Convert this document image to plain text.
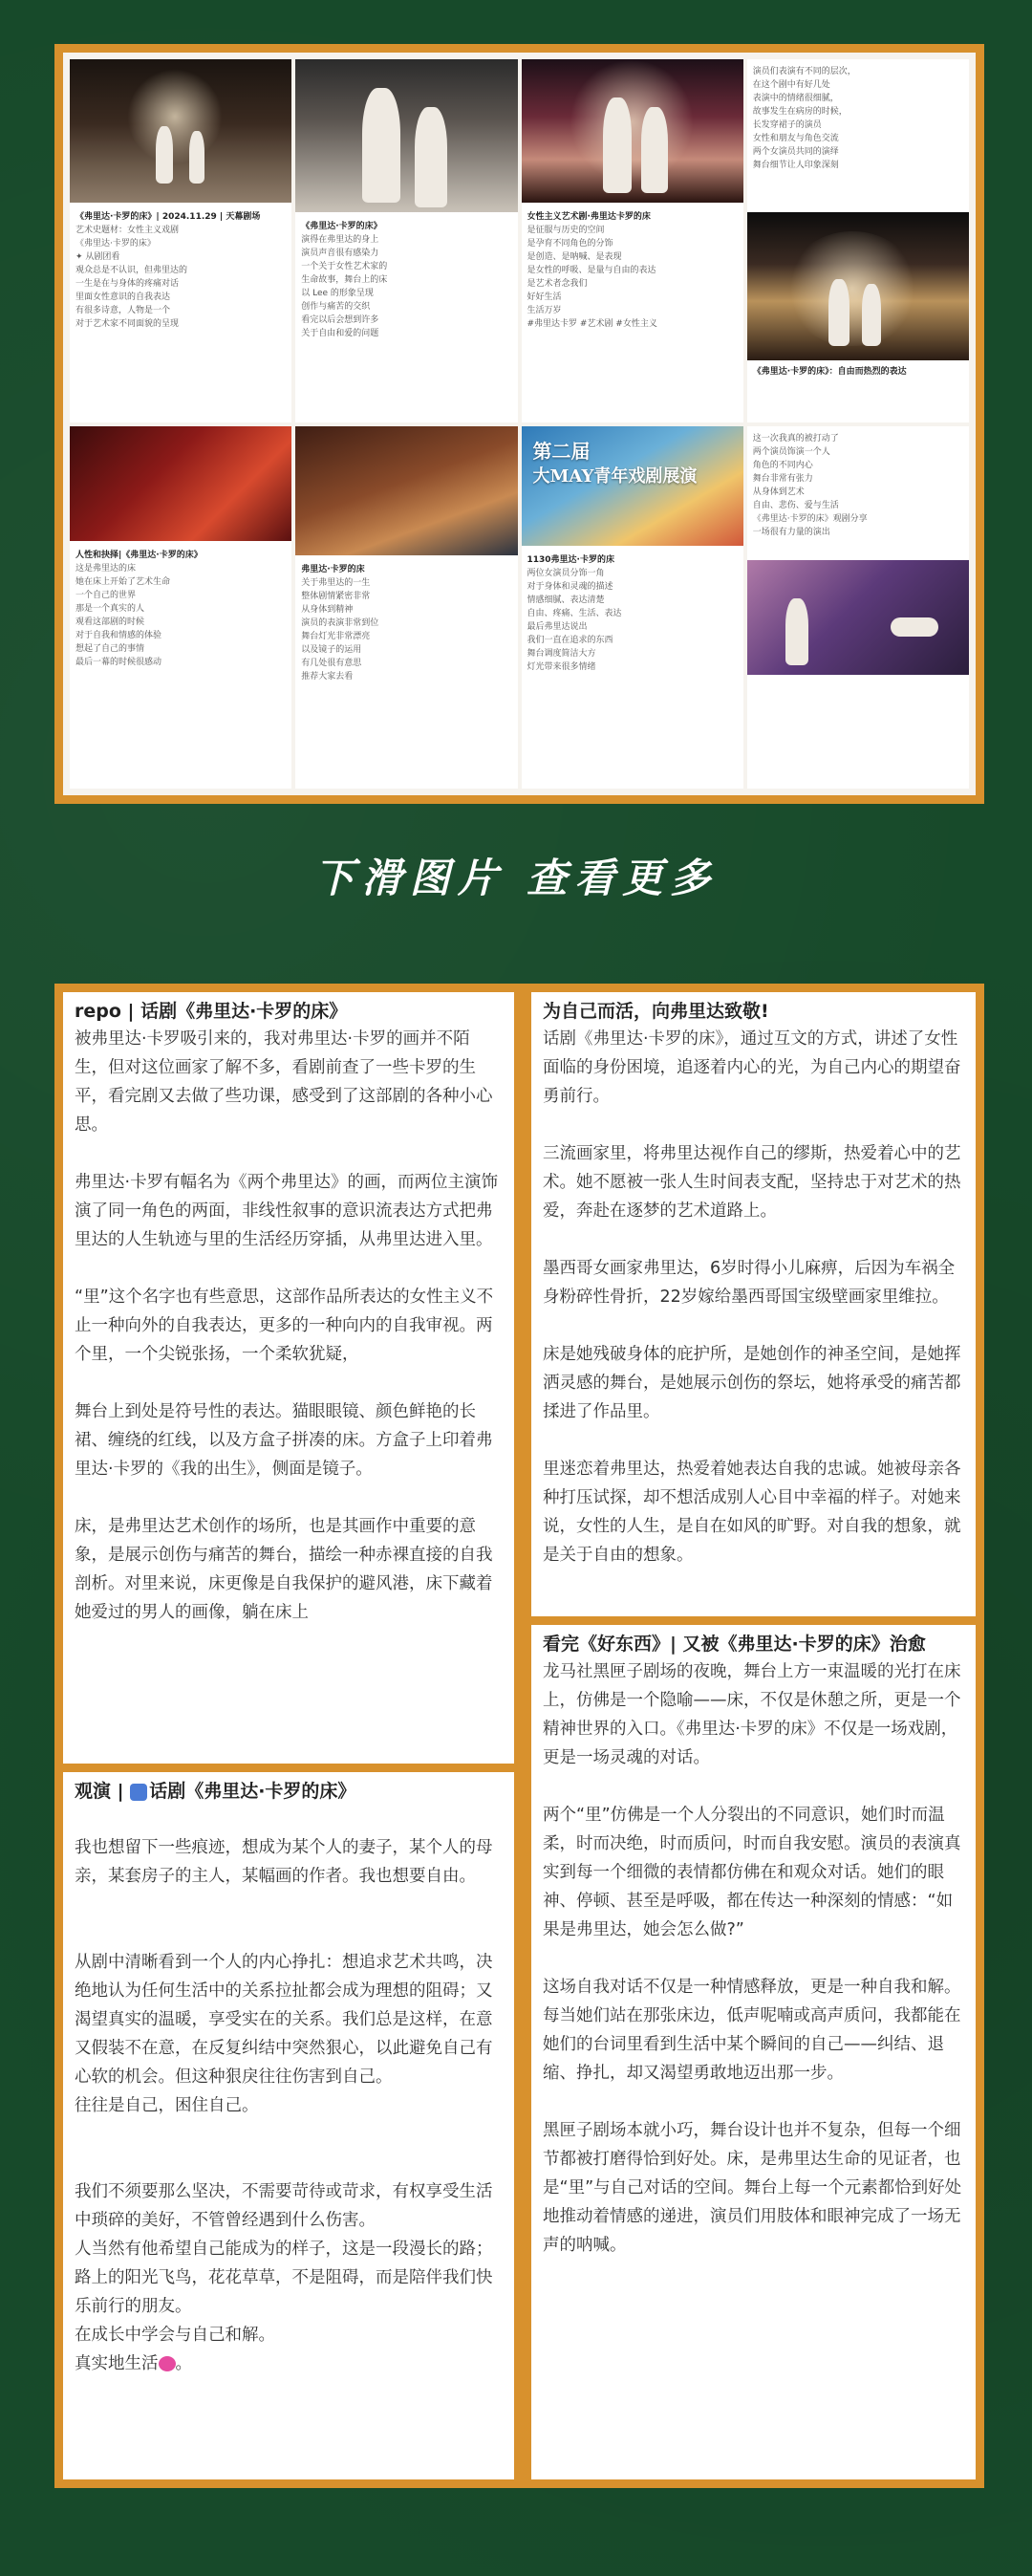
《弗里达·卡罗的床》| 2024.11.29 | 天幕剧场

艺术史题材：女性主义戏剧

《弗里达·卡罗的床》

✦ 从剧团看

观众总是不认识，但弗里达的

一生是在与身体的疼痛对话

里面女性意识的自我表达

有很多诗意，人物是一个

对于艺术家不同面貌的呈现

《弗里达·卡罗的床》

演得在弗里达的身上

演员声音很有感染力

一个关于女性艺术家的

生命故事，舞台上的床

以 Lee 的形象呈现

创作与痛苦的交织

看完以后会想到许多

关于自由和爱的问题

女性主义艺术剧·弗里达卡罗的床

是征服与历史的空间

是孕育不同角色的分饰

是创造、是呐喊、是表现

是女性的呼吸、是量与自由的表达

是艺术者念我们

好好生活

生活万岁

#弗里达卡罗 #艺术剧 #女性主义

演员们表演有不同的层次，

在这个剧中有好几处

表演中的情绪很细腻，

故事发生在病房的时候，

长发穿裙子的演员

女性和朋友与角色交流

两个女演员共同的演绎

舞台细节让人印象深刻

《弗里达·卡罗的床》：自由而热烈的表达

人性和抉择|《弗里达·卡罗的床》

这是弗里达的床

她在床上开始了艺术生命

一个自己的世界

那是一个真实的人

观看这部剧的时候

对于自我和情感的体验

想起了自己的事情

最后一幕的时候很感动

弗里达·卡罗的床

关于弗里达的一生

整体剧情紧密非常

从身体到精神

演员的表演非常到位

舞台灯光非常漂亮

以及镜子的运用

有几处很有意思

推荐大家去看

第二届
大MAY青年戏剧展演

1130弗里达·卡罗的床

两位女演员分饰一角

对于身体和灵魂的描述

情感细腻、表达清楚

自由、疼痛、生活、表达

最后弗里达说出

我们一直在追求的东西

舞台调度简洁大方

灯光带来很多情绪

这一次我真的被打动了

两个演员饰演一个人

角色的不同内心

舞台非常有张力

从身体到艺术

自由、悲伤、爱与生活

《弗里达·卡罗的床》观剧分享

一场很有力量的演出

下滑图片 查看更多
repo | 话剧《弗里达·卡罗的床》

被弗里达·卡罗吸引来的，我对弗里达·卡罗的画并不陌生，但对这位画家了解不多，看剧前查了一些卡罗的生平，看完剧又去做了些功课，感受到了这部剧的各种小心思。

弗里达·卡罗有幅名为《两个弗里达》的画，而两位主演饰演了同一角色的两面，非线性叙事的意识流表达方式把弗里达的人生轨迹与里的生活经历穿插，从弗里达进入里。

“里”这个名字也有些意思，这部作品所表达的女性主义不止一种向外的自我表达，更多的一种向内的自我审视。两个里，一个尖锐张扬，一个柔软犹疑，

舞台上到处是符号性的表达。猫眼眼镜、颜色鲜艳的长裙、缠绕的红线，以及方盒子拼凑的床。方盒子上印着弗里达·卡罗的《我的出生》，侧面是镜子。

床，是弗里达艺术创作的场所，也是其画作中重要的意象，是展示创伤与痛苦的舞台，描绘一种赤裸直接的自我剖析。对里来说，床更像是自我保护的避风港，床下藏着她爱过的男人的画像，躺在床上

为自己而活，向弗里达致敬!

话剧《弗里达·卡罗的床》，通过互文的方式，讲述了女性面临的身份困境，追逐着内心的光，为自己内心的期望奋勇前行。

三流画家里，将弗里达视作自己的缪斯，热爱着心中的艺术。她不愿被一张人生时间表支配，坚持忠于对艺术的热爱，奔赴在逐梦的艺术道路上。

墨西哥女画家弗里达，6岁时得小儿麻痹，后因为车祸全身粉碎性骨折，22岁嫁给墨西哥国宝级壁画家里维拉。

床是她残破身体的庇护所，是她创作的神圣空间，是她挥洒灵感的舞台，是她展示创伤的祭坛，她将承受的痛苦都揉进了作品里。

里迷恋着弗里达，热爱着她表达自我的忠诚。她被母亲各种打压试探，却不想活成别人心目中幸福的样子。对她来说，女性的人生，是自在如风的旷野。对自我的想象，就是关于自由的想象。

观演 | 话剧《弗里达·卡罗的床》

我也想留下一些痕迹，想成为某个人的妻子，某个人的母亲，某套房子的主人，某幅画的作者。我也想要自由。

从剧中清晰看到一个人的内心挣扎：想追求艺术共鸣，决绝地认为任何生活中的关系拉扯都会成为理想的阻碍；又渴望真实的温暖，享受实在的关系。我们总是这样，在意又假装不在意，在反复纠结中突然狠心，以此避免自己有心软的机会。但这种狠戾往往伤害到自己。
往往是自己，困住自己。

我们不须要那么坚决，不需要苛待或苛求，有权享受生活中琐碎的美好，不管曾经遇到什么伤害。
人当然有他希望自己能成为的样子，这是一段漫长的路；路上的阳光飞鸟，花花草草，不是阻碍，而是陪伴我们快乐前行的朋友。
在成长中学会与自己和解。
真实地生活 。

看完《好东西》| 又被《弗里达·卡罗的床》治愈

龙马社黑匣子剧场的夜晚，舞台上方一束温暖的光打在床上，仿佛是一个隐喻——床，不仅是休憩之所，更是一个精神世界的入口。《弗里达·卡罗的床》不仅是一场戏剧，更是一场灵魂的对话。

两个“里”仿佛是一个人分裂出的不同意识，她们时而温柔，时而决绝，时而质问，时而自我安慰。演员的表演真实到每一个细微的表情都仿佛在和观众对话。她们的眼神、停顿、甚至是呼吸，都在传达一种深刻的情感：“如果是弗里达，她会怎么做?”

这场自我对话不仅是一种情感释放，更是一种自我和解。每当她们站在那张床边，低声呢喃或高声质问，我都能在她们的台词里看到生活中某个瞬间的自己——纠结、退缩、挣扎，却又渴望勇敢地迈出那一步。

黑匣子剧场本就小巧，舞台设计也并不复杂，但每一个细节都被打磨得恰到好处。床，是弗里达生命的见证者，也是“里”与自己对话的空间。舞台上每一个元素都恰到好处地推动着情感的递进，演员们用肢体和眼神完成了一场无声的呐喊。
